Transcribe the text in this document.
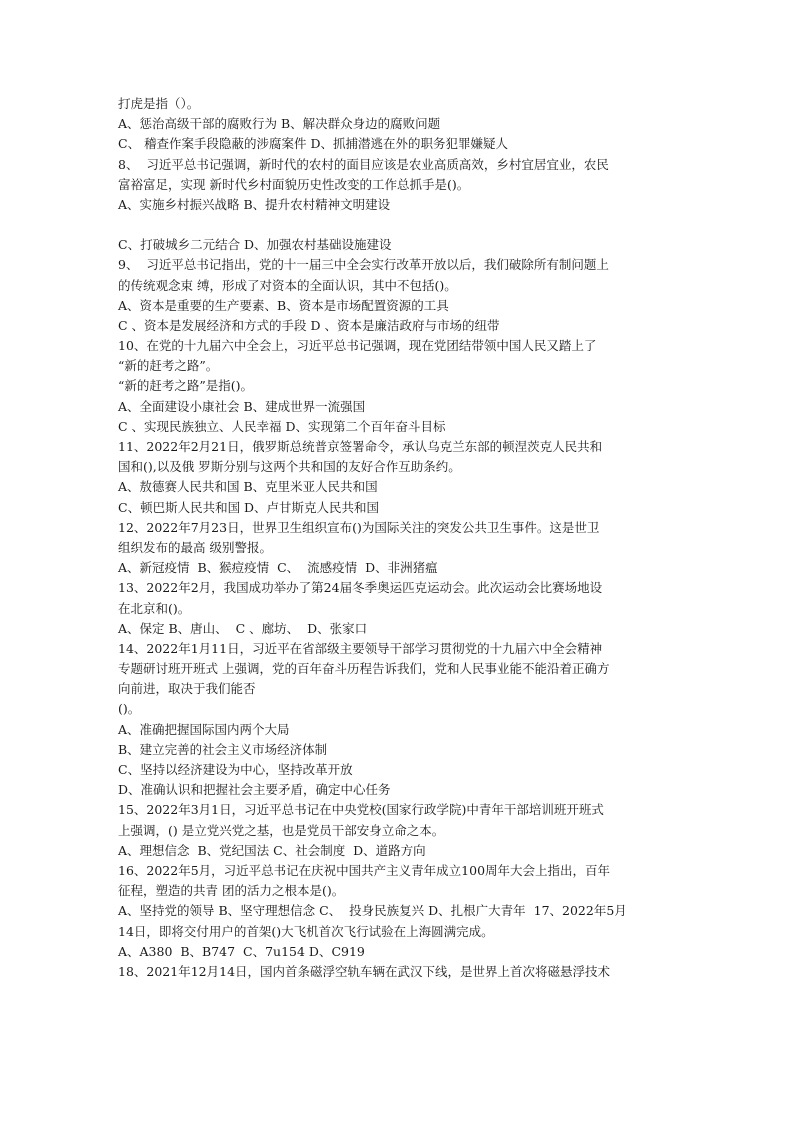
打虎是指（）。
A、惩治高级干部的腐败行为 B、解决群众身边的腐败问题
C、 稽查作案手段隐蔽的涉腐案件 D、抓捕潜逃在外的职务犯罪嫌疑人
8、  习近平总书记强调，新时代的农村的面目应该是农业高质高效，乡村宜居宜业，农民
富裕富足，实现 新时代乡村面貌历史性改变的工作总抓手是()。
A、实施乡村振兴战略 B、提升农村精神文明建设
C、打破城乡二元结合 D、加强农村基础设施建设
9、  习近平总书记指出，党的十一届三中全会实行改革开放以后，我们破除所有制问题上
的传统观念束 缚，形成了对资本的全面认识，其中不包括()。
A、资本是重要的生产要素、B、资本是市场配置资源的工具
C 、资本是发展经济和方式的手段 D 、资本是廉洁政府与市场的纽带
10、在党的十九届六中全会上，习近平总书记强调，现在党团结带领中国人民又踏上了
“新的赶考之路”。
“新的赶考之路”是指()。
A、全面建设小康社会 B、建成世界一流强国
C 、实现民族独立、人民幸福 D、实现第二个百年奋斗目标
11、2022年2月21日，俄罗斯总统普京签署命令，承认乌克兰东部的顿涅茨克人民共和
国和(),以及俄 罗斯分别与这两个共和国的友好合作互助条约。
A、敖德赛人民共和国 B、克里米亚人民共和国
C、顿巴斯人民共和国 D、卢甘斯克人民共和国
12、2022年7月23日，世界卫生组织宣布()为国际关注的突发公共卫生事件。这是世卫
组织发布的最高 级别警报。
A、新冠疫情  B、猴痘疫情  C、  流感疫情  D、非洲猪瘟
13、2022年2月，我国成功举办了第24届冬季奥运匹克运动会。此次运动会比赛场地设
在北京和()。
A、保定 B、唐山、  C 、廊坊、  D、张家口
14、2022年1月11日，习近平在省部级主要领导干部学习贯彻党的十九届六中全会精神
专题研讨班开班式 上强调，党的百年奋斗历程告诉我们，党和人民事业能不能沿着正确方
向前进，取决于我们能否
()。
A、准确把握国际国内两个大局
B、建立完善的社会主义市场经济体制
C、坚持以经济建设为中心，坚持改革开放
D、准确认识和把握社会主要矛盾，确定中心任务
15、2022年3月1日，习近平总书记在中央党校(国家行政学院)中青年干部培训班开班式
上强调，() 是立党兴党之基，也是党员干部安身立命之本。
A、理想信念  B、党纪国法 C、社会制度  D、道路方向
16、2022年5月，习近平总书记在庆祝中国共产主义青年成立100周年大会上指出，百年
征程，塑造的共青 团的活力之根本是()。
A、坚持党的领导 B、坚守理想信念 C、  投身民族复兴 D、扎根广大青年  17、2022年5月
14日，即将交付用户的首架()大飞机首次飞行试验在上海圆满完成。
A、A380  B、B747  C、7u154 D、C919
18、2021年12月14日，国内首条磁浮空轨车辆在武汉下线，是世界上首次将磁悬浮技术
